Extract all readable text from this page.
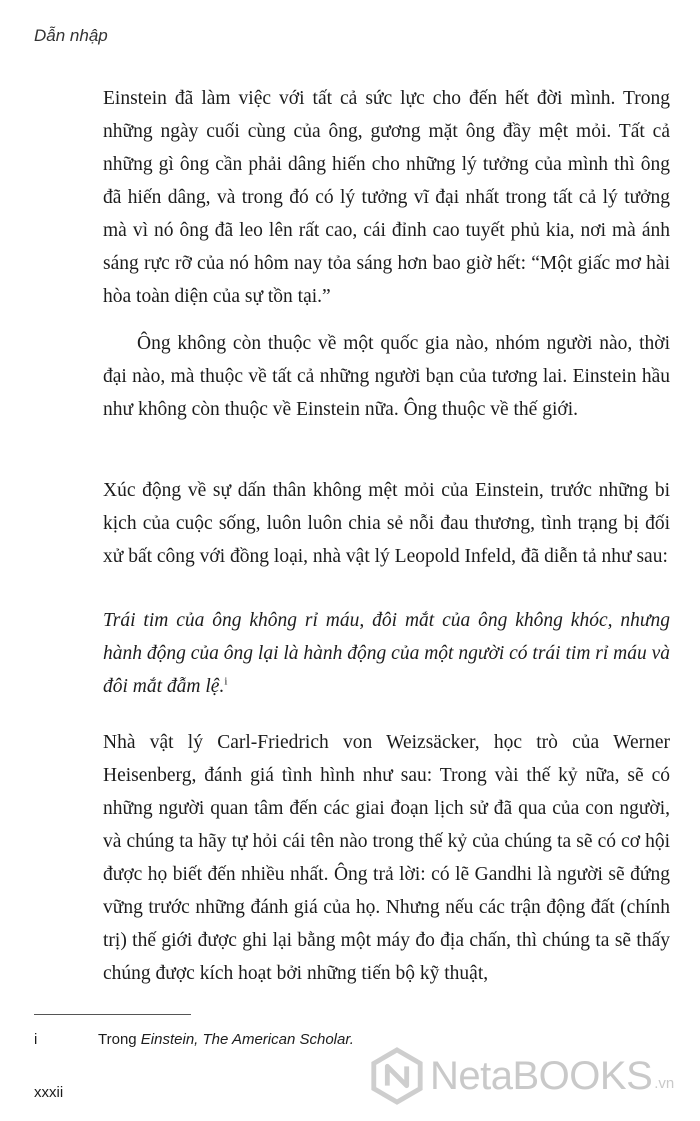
Dẫn nhập

Einstein đã làm việc với tất cả sức lực cho đến hết đời mình. Trong những ngày cuối cùng của ông, gương mặt ông đầy mệt mỏi. Tất cả những gì ông cần phải dâng hiến cho những lý tưởng của mình thì ông đã hiến dâng, và trong đó có lý tưởng vĩ đại nhất trong tất cả lý tưởng mà vì nó ông đã leo lên rất cao, cái đỉnh cao tuyết phủ kia, nơi mà ánh sáng rực rỡ của nó hôm nay tỏa sáng hơn bao giờ hết: “Một giấc mơ hài hòa toàn diện của sự tồn tại.”

Ông không còn thuộc về một quốc gia nào, nhóm người nào, thời đại nào, mà thuộc về tất cả những người bạn của tương lai. Einstein hầu như không còn thuộc về Einstein nữa. Ông thuộc về thế giới.

Xúc động về sự dấn thân không mệt mỏi của Einstein, trước những bi kịch của cuộc sống, luôn luôn chia sẻ nỗi đau thương, tình trạng bị đối xử bất công với đồng loại, nhà vật lý Leopold Infeld, đã diễn tả như sau:

Trái tim của ông không rỉ máu, đôi mắt của ông không khóc, nhưng hành động của ông lại là hành động của một người có trái tim rỉ máu và đôi mắt đẫm lệ.$^i$

Nhà vật lý Carl-Friedrich von Weizsäcker, học trò của Werner Heisenberg, đánh giá tình hình như sau: Trong vài thế kỷ nữa, sẽ có những người quan tâm đến các giai đoạn lịch sử đã qua của con người, và chúng ta hãy tự hỏi cái tên nào trong thế kỷ của chúng ta sẽ có cơ hội được họ biết đến nhiều nhất. Ông trả lời: có lẽ Gandhi là người sẽ đứng vững trước những đánh giá của họ. Nhưng nếu các trận động đất (chính trị) thế giới được ghi lại bằng một máy đo địa chấn, thì chúng ta sẽ thấy chúng được kích hoạt bởi những tiến bộ kỹ thuật,

i	Trong Einstein, The American Scholar.
xxxii	NetaBOOKS .vn
